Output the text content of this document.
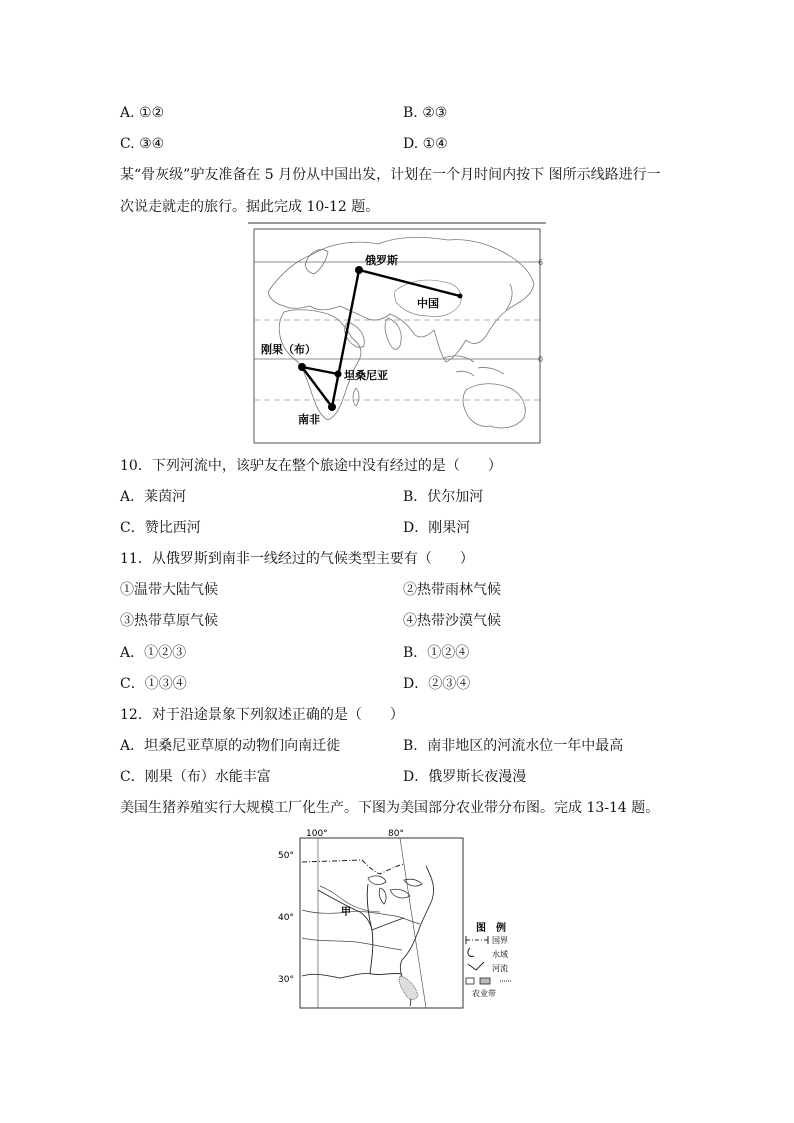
A. ①②	B. ②③
C. ③④	D. ①④
某“骨灰级”驴友准备在 5 月份从中国出发，计划在一个月时间内按下 图所示线路进行一
次说走就走的旅行。据此完成 10-12 题。
6
0
俄罗斯
中国
刚果（布）
坦桑尼亚
南非
10．下列河流中，该驴友在整个旅途中没有经过的是（　　）
A．莱茵河	B．伏尔加河
C．赞比西河	D．刚果河
11．从俄罗斯到南非一线经过的气候类型主要有（　　）
①温带大陆气候	②热带雨林气候
③热带草原气候	④热带沙漠气候
A．①②③	B．①②④
C．①③④	D．②③④
12．对于沿途景象下列叙述正确的是（　　）
A．坦桑尼亚草原的动物们向南迁徙	B．南非地区的河流水位一年中最高
C．刚果（布）水能丰富	D．俄罗斯长夜漫漫
美国生猪养殖实行大规模工厂化生产。下图为美国部分农业带分布图。完成 13-14 题。
100°	80°
50°
40°
30°
甲
图　例
国界
水域
河流
农业带
